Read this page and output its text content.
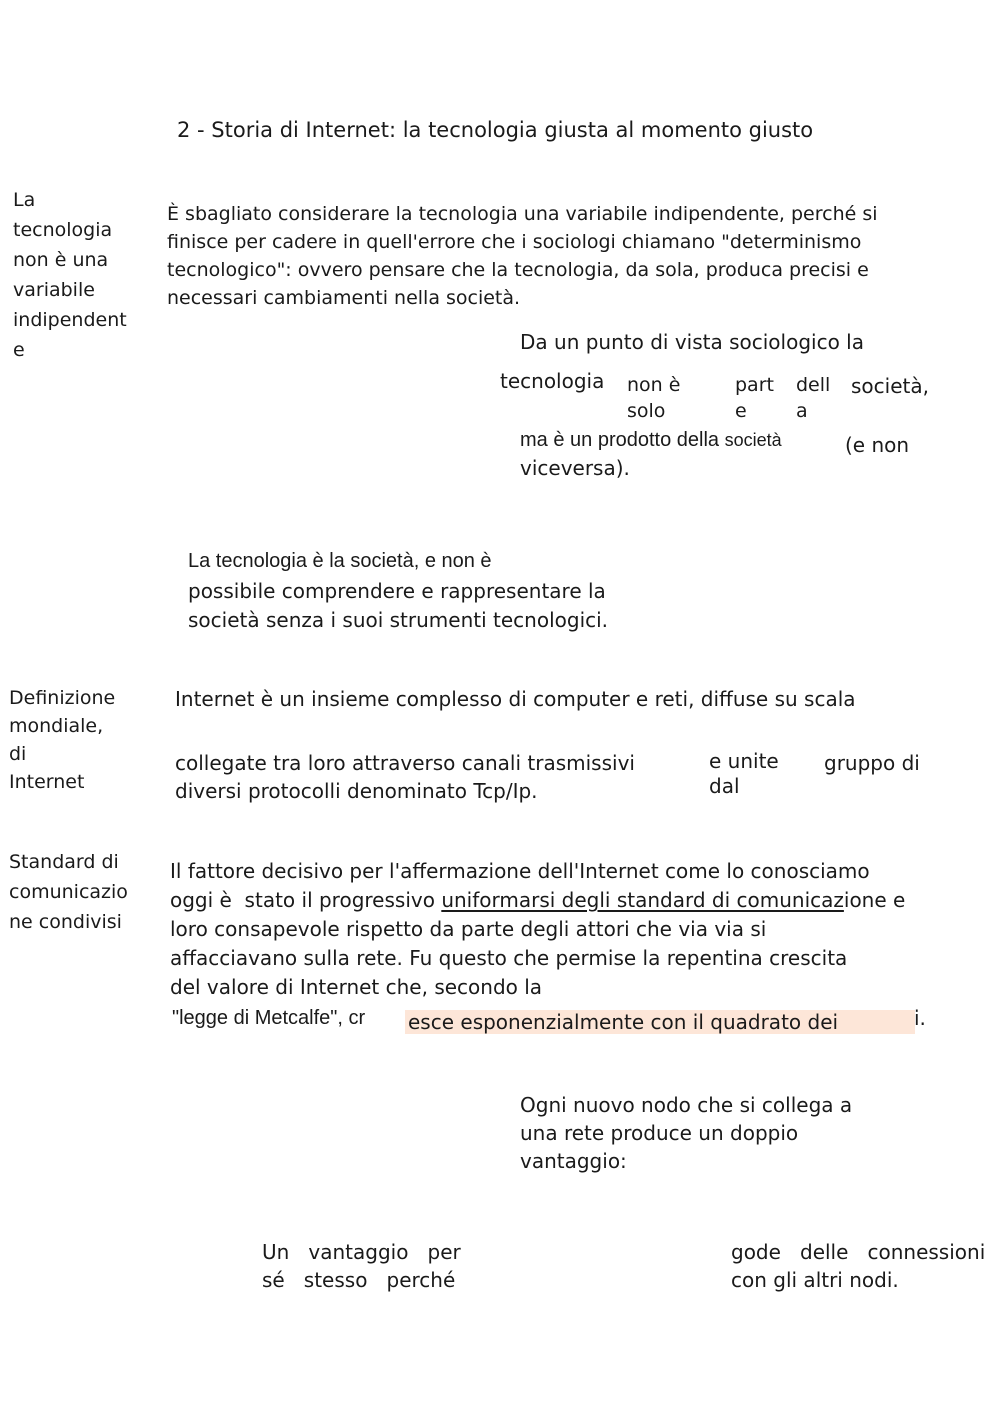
2 - Storia di Internet: la tecnologia giusta al momento giusto
La
tecnologia
non è una
variabile
indipendent
e
È sbagliato considerare la tecnologia una variabile indipendente, perché si
finisce per cadere in quell'errore che i sociologi chiamano "determinismo
tecnologico": ovvero pensare che la tecnologia, da sola, produca precisi e
necessari cambiamenti nella società.
Da un punto di vista sociologico la
tecnologia non è
solo
part
e
dell
a
società,
ma è un prodotto della società	(e non
viceversa).
La tecnologia è la società, e non è
possibile comprendere e rappresentare la
società senza i suoi strumenti tecnologici.
Definizione
mondiale,
di
Internet
Internet è un insieme complesso di computer e reti, diffuse su scala
collegate tra loro attraverso canali trasmissivi	e unite
dal
gruppo di
diversi protocolli denominato Tcp/Ip.
Standard di
comunicazio
ne condivisi
Il fattore decisivo per l'affermazione dell'Internet come lo conosciamo
oggi è  stato il progressivo uniformarsi degli standard di comunicazione e
loro consapevole rispetto da parte degli attori che via via si
affacciavano sulla rete. Fu questo che permise la repentina crescita
del valore di Internet che, secondo la
"legge di Metcalfe", cr esce esponenzialmente con il quadrato dei	i.
Ogni nuovo nodo che si collega a
una rete produce un doppio
vantaggio:
Un   vantaggio   per
sé   stesso   perché
gode   delle   connessioni
con gli altri nodi.
